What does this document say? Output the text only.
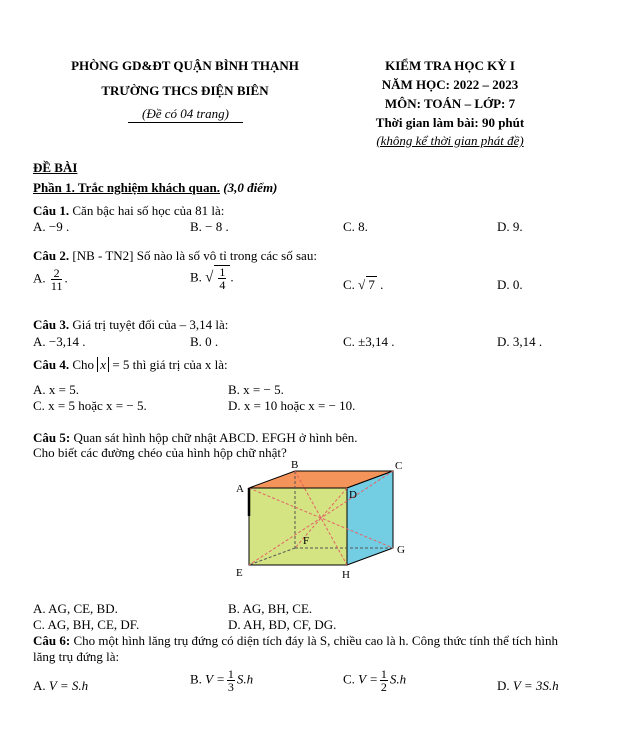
PHÒNG GD&ĐT QUẬN BÌNH THẠNH
TRƯỜNG THCS ĐIỆN BIÊN
(Đề có 04 trang)
KIỂM TRA HỌC KỲ I
NĂM HỌC: 2022 – 2023
MÔN: TOÁN – LỚP: 7
Thời gian làm bài: 90 phút
(không kể thời gian phát đề)
ĐỀ BÀI
Phần 1. Trắc nghiệm khách quan. (3,0 điểm)
Câu 1. Căn bậc hai số học của 81 là:
A. −9 .	B. − 8 .	C. 8.	D. 9.
Câu 2. [NB - TN2] Số nào là số vô tỉ trong các số sau:
A. $\frac{2}{11}$ .	B. √ $\frac{1}{4}$ .
C. √ 7 .	D. 0.
Câu 3. Giá trị tuyệt đối của – 3,14 là:
A. −3,14 .	B. 0 .	C. ±3,14 .	D. 3,14 .
Câu 4. Cho x = 5 thì giá trị của x là:
A. x = 5.	B. x = − 5.
C. x = 5 hoặc x = − 5.	D. x = 10 hoặc x = − 10.
Câu 5: Quan sát hình hộp chữ nhật ABCD. EFGH ở hình bên.
Cho biết các đường chéo của hình hộp chữ nhật?
B	C
A	D
F
G
E	H
A. AG, CE, BD.	B. AG, BH, CE.
C. AG, BH, CE, DF.	D. AH, BD, CF, DG.
Câu 6: Cho một hình lăng trụ đứng có diện tích đáy là S, chiều cao là h. Công thức tính thể tích hình
lăng trụ đứng là:
A. V = S.h	B. $V = \frac{1}{3} S.h$	C. $V = \frac{1}{2} S.h$	D. V = 3S.h
